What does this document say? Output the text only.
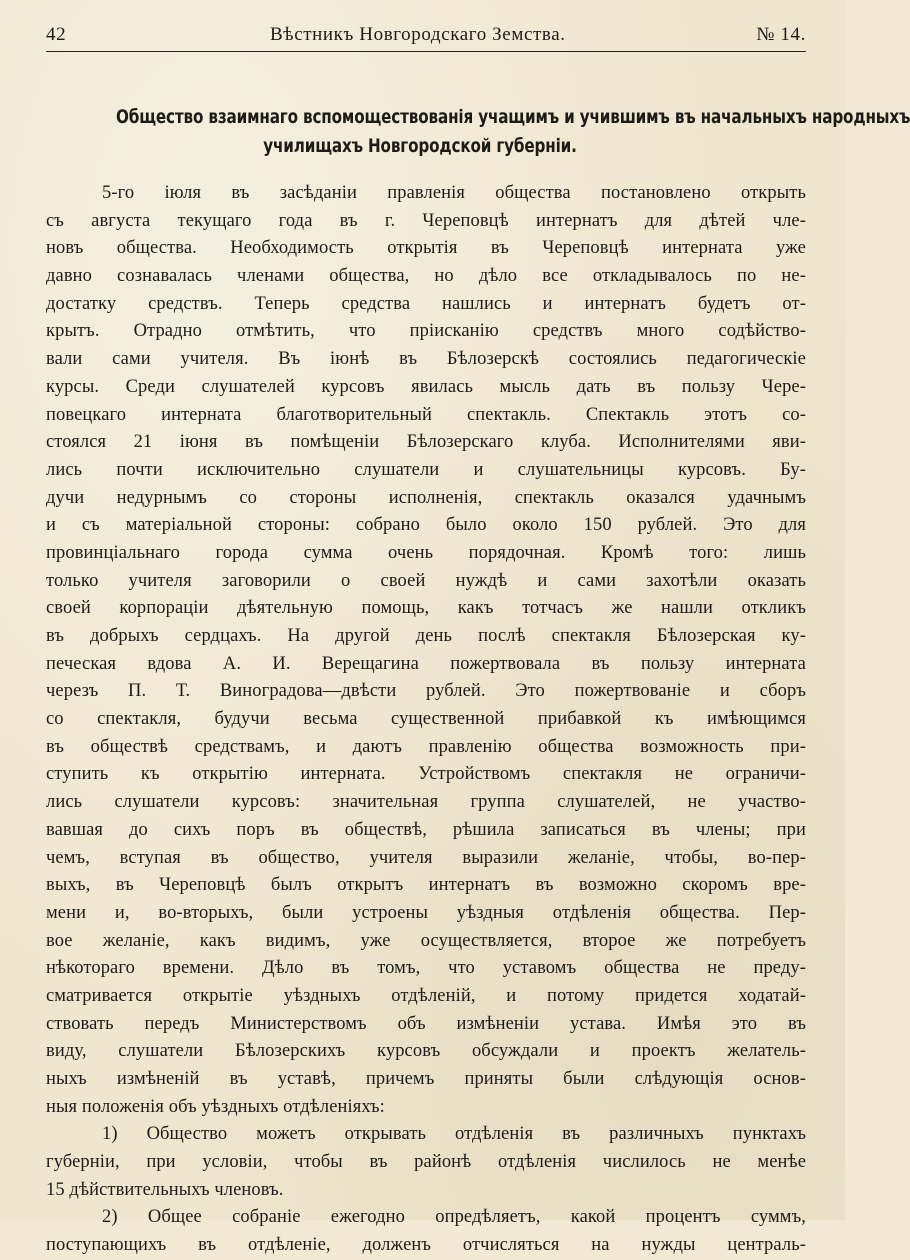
42	Вѣстникъ Новгородскаго Земства.	№ 14.
Общество взаимнаго вспомоществованія учащимъ и учившимъ въ начальныхъ народныхъ
училищахъ Новгородской губерніи.
5-го іюля въ засѣданіи правленія общества постановлено открыть
съ августа текущаго года въ г. Череповцѣ интернатъ для дѣтей чле-
новъ общества. Необходимость открытія въ Череповцѣ интерната уже
давно сознавалась членами общества, но дѣло все откладывалось по не-
достатку средствъ. Теперь средства нашлись и интернатъ будетъ от-
крытъ. Отрадно отмѣтить, что пріисканію средствъ много содѣйство-
вали сами учителя. Въ іюнѣ въ Бѣлозерскѣ состоялись педагогическіе
курсы. Среди слушателей курсовъ явилась мысль дать въ пользу Чере-
повецкаго интерната благотворительный спектакль. Спектакль этотъ со-
стоялся 21 іюня въ помѣщеніи Бѣлозерскаго клуба. Исполнителями яви-
лись почти исключительно слушатели и слушательницы курсовъ. Бу-
дучи недурнымъ со стороны исполненія, спектакль оказался удачнымъ
и съ матеріальной стороны: собрано было около 150 рублей. Это для
провинціальнаго города сумма очень порядочная. Кромѣ того: лишь
только учителя заговорили о своей нуждѣ и сами захотѣли оказать
своей корпораціи дѣятельную помощь, какъ тотчасъ же нашли откликъ
въ добрыхъ сердцахъ. На другой день послѣ спектакля Бѣлозерская ку-
печеская вдова А. И. Верещагина пожертвовала въ пользу интерната
черезъ П. Т. Виноградова—двѣсти рублей. Это пожертвованіе и сборъ
со спектакля, будучи весьма существенной прибавкой къ имѣющимся
въ обществѣ средствамъ, и даютъ правленію общества возможность при-
ступить къ открытію интерната. Устройствомъ спектакля не ограничи-
лись слушатели курсовъ: значительная группа слушателей, не участво-
вавшая до сихъ поръ въ обществѣ, рѣшила записаться въ члены; при
чемъ, вступая въ общество, учителя выразили желаніе, чтобы, во-пер-
выхъ, въ Череповцѣ былъ открытъ интернатъ въ возможно скоромъ вре-
мени и, во-вторыхъ, были устроены уѣздныя отдѣленія общества. Пер-
вое желаніе, какъ видимъ, уже осуществляется, второе же потребуетъ
нѣкотораго времени. Дѣло въ томъ, что уставомъ общества не преду-
сматривается открытіе уѣздныхъ отдѣленій, и потому придется ходатай-
ствовать передъ Министерствомъ объ измѣненіи устава. Имѣя это въ
виду, слушатели Бѣлозерскихъ курсовъ обсуждали и проектъ желатель-
ныхъ измѣненій въ уставѣ, причемъ приняты были слѣдующія основ-
ныя положенія объ уѣздныхъ отдѣленіяхъ:
1) Общество можетъ открывать отдѣленія въ различныхъ пунктахъ
губерніи, при условіи, чтобы въ районѣ отдѣленія числилось не менѣе
15 дѣйствительныхъ членовъ.
2) Общее собраніе ежегодно опредѣляетъ, какой процентъ суммъ,
поступающихъ въ отдѣленіе, долженъ отчисляться на нужды централь-
